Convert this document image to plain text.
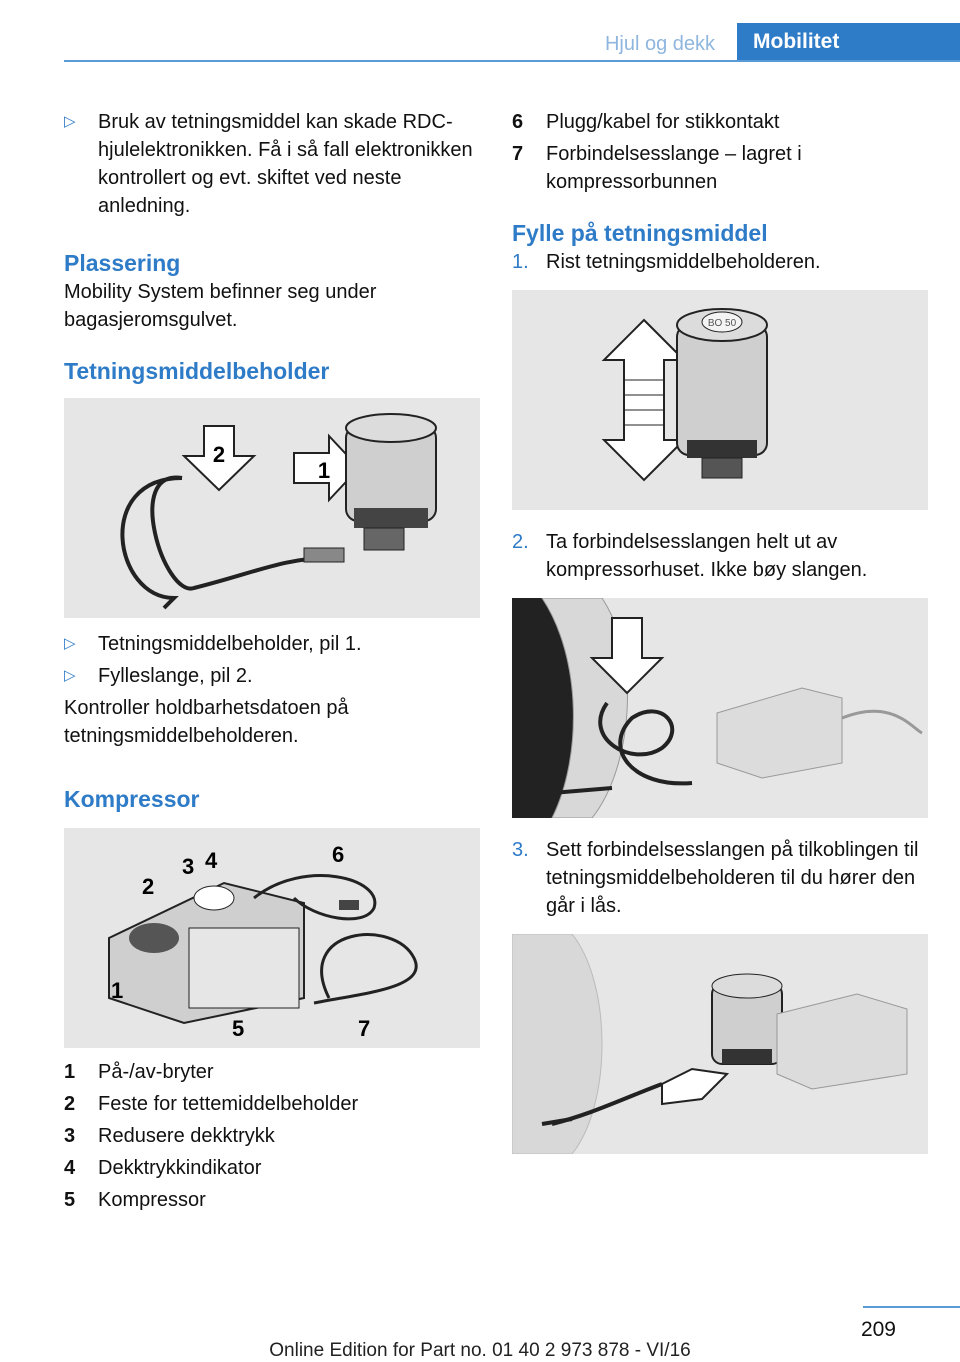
Hjul og dekk	Mobilitet
▷ Bruk av tetningsmiddel kan skade RDC-hjulelektronikken. Få i så fall elektronikken kontrollert og evt. skiftet ved neste anledning.
Plassering
Mobility System befinner seg under bagasjeromsgulvet.
Tetningsmiddelbeholder
2
1
▷ Tetningsmiddelbeholder, pil 1.
▷ Fylleslange, pil 2.
Kontroller holdbarhetsdatoen på tetningsmiddelbeholderen.
Kompressor
2
3 4	6
1
5	7
1 På-/av-bryter
2 Feste for tettemiddelbeholder
3 Redusere dekktrykk
4 Dekktrykkindikator
5 Kompressor
6 Plugg/kabel for stikkontakt
7 Forbindelsesslange – lagret i kompressorbunnen
Fylle på tetningsmiddel
1. Rist tetningsmiddelbeholderen.
BO 50
2. Ta forbindelsesslangen helt ut av kompressorhuset. Ikke bøy slangen.
3. Sett forbindelsesslangen på tilkoblingen til tetningsmiddelbeholderen til du hører den går i lås.
209
Online Edition for Part no. 01 40 2 973 878 - VI/16
